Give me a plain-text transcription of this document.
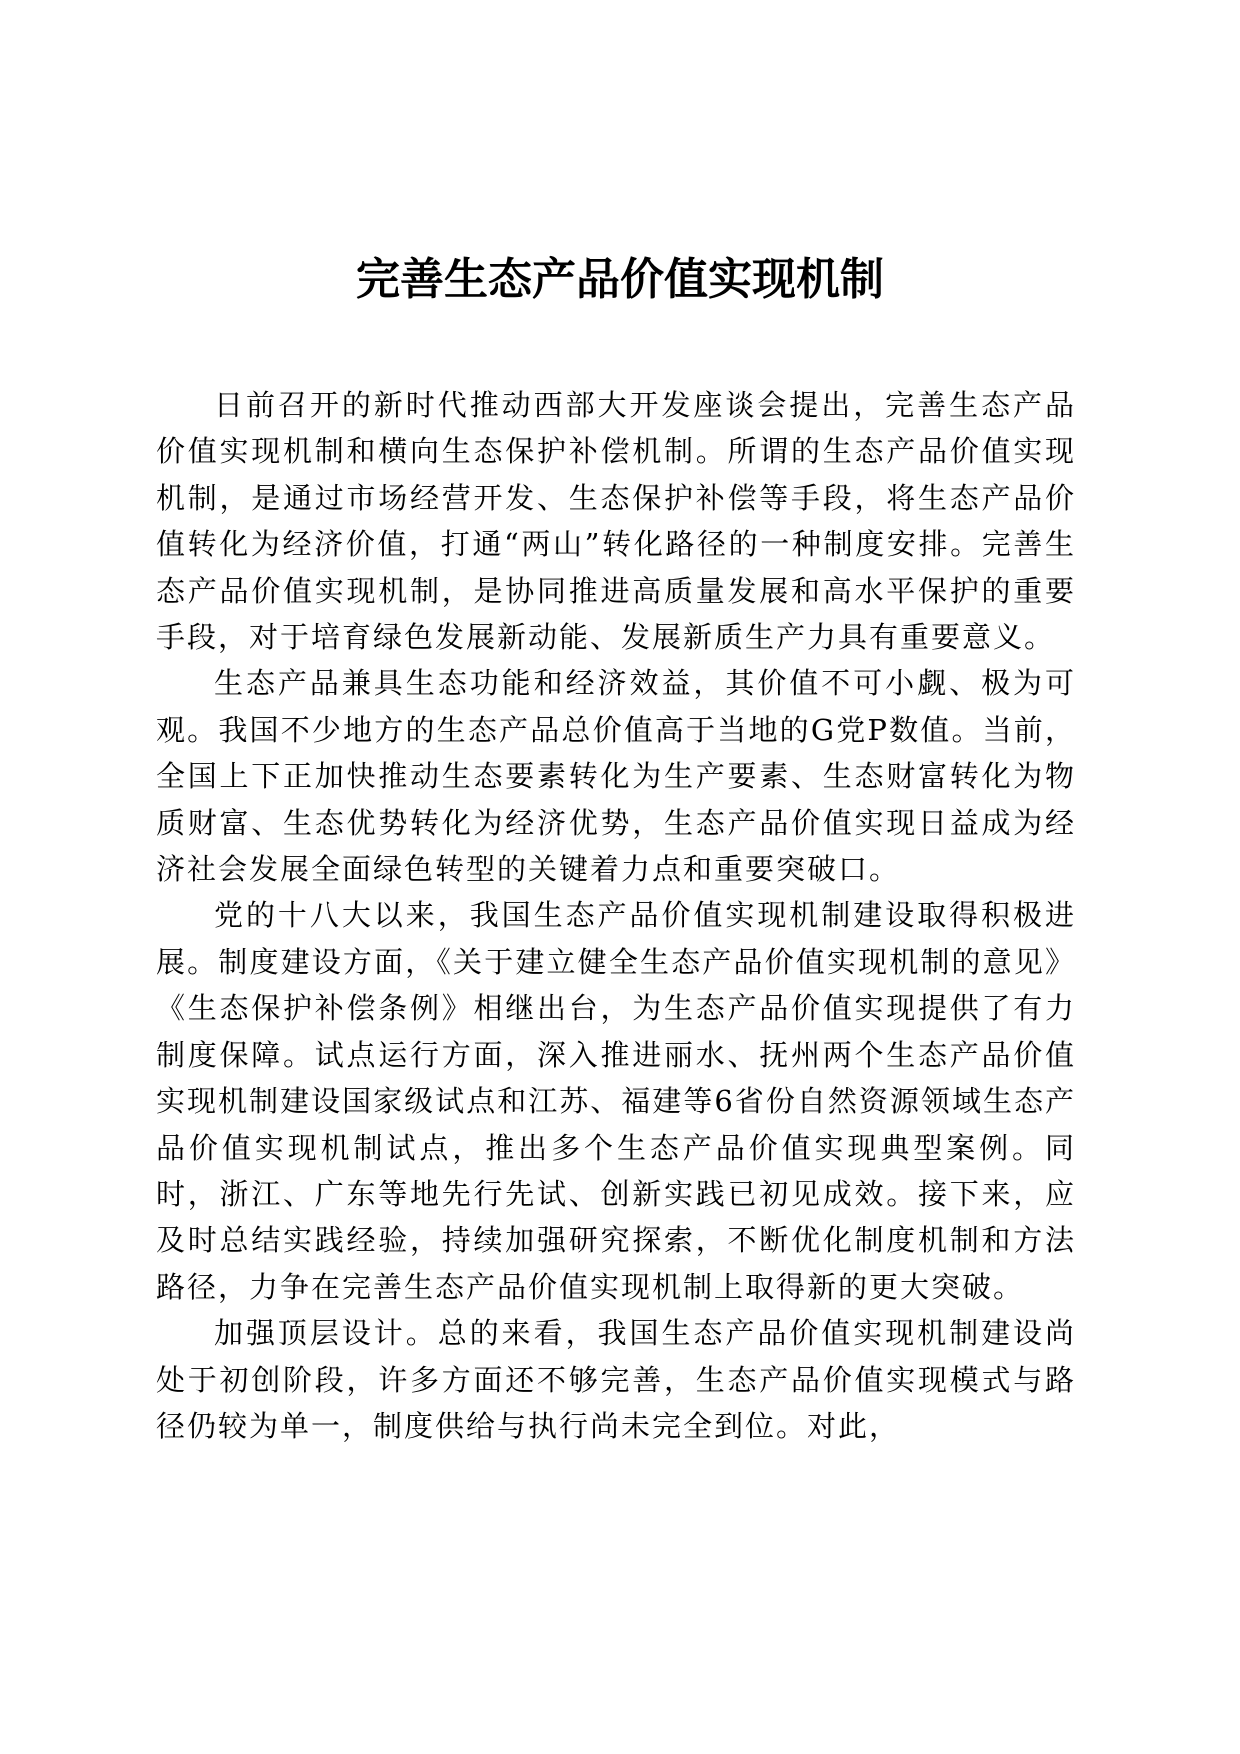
完善生态产品价值实现机制

日前召开的新时代推动西部大开发座谈会提出，完善生态产品价值实现机制和横向生态保护补偿机制。所谓的生态产品价值实现机制，是通过市场经营开发、生态保护补偿等手段，将生态产品价值转化为经济价值，打通“两山”转化路径的一种制度安排。完善生态产品价值实现机制，是协同推进高质量发展和高水平保护的重要手段，对于培育绿色发展新动能、发展新质生产力具有重要意义。

生态产品兼具生态功能和经济效益，其价值不可小觑、极为可观。我国不少地方的生态产品总价值高于当地的G党P数值。当前，全国上下正加快推动生态要素转化为生产要素、生态财富转化为物质财富、生态优势转化为经济优势，生态产品价值实现日益成为经济社会发展全面绿色转型的关键着力点和重要突破口。

党的十八大以来，我国生态产品价值实现机制建设取得积极进展。制度建设方面，《关于建立健全生态产品价值实现机制的意见》《生态保护补偿条例》相继出台，为生态产品价值实现提供了有力制度保障。试点运行方面，深入推进丽水、抚州两个生态产品价值实现机制建设国家级试点和江苏、福建等6省份自然资源领域生态产品价值实现机制试点，推出多个生态产品价值实现典型案例。同时，浙江、广东等地先行先试、创新实践已初见成效。接下来，应及时总结实践经验，持续加强研究探索，不断优化制度机制和方法路径，力争在完善生态产品价值实现机制上取得新的更大突破。

加强顶层设计。总的来看，我国生态产品价值实现机制建设尚处于初创阶段，许多方面还不够完善，生态产品价值实现模式与路径仍较为单一，制度供给与执行尚未完全到位。对此，
